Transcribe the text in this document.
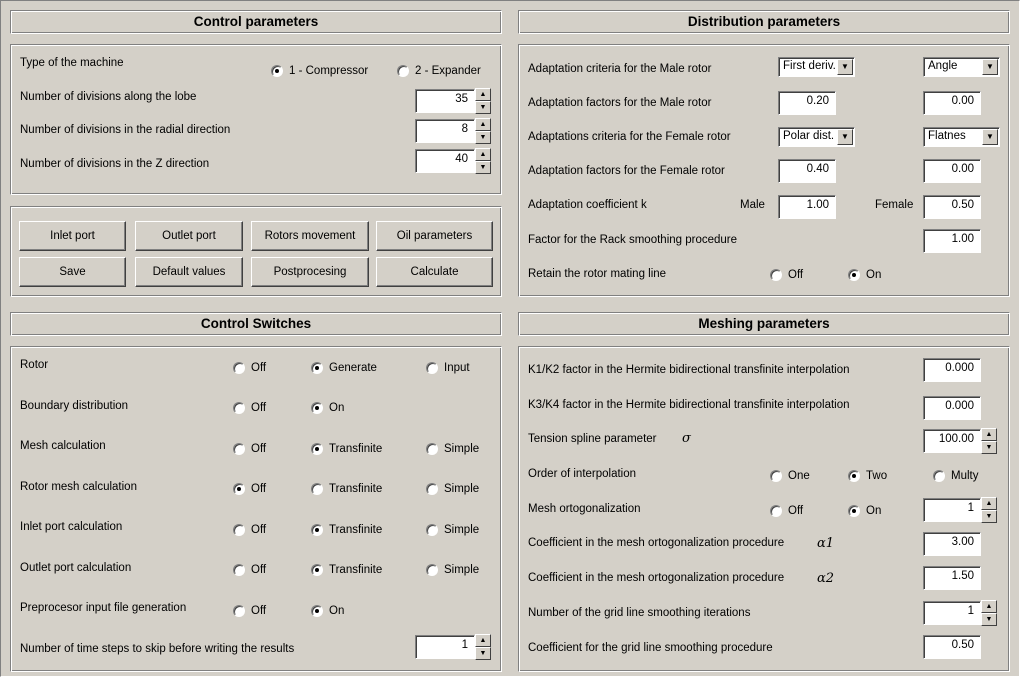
Control parameters
Type of the machine
1 - Compressor	2 - Expander
Number of divisions along the lobe	35	▲
▼
Number of divisions in the radial direction	8	▲
▼
Number of divisions in the Z direction	40	▲
▼
Inlet port	Outlet port	Rotors movement	Oil parameters
Save	Default values	Postprocesing	Calculate
Control Switches
Rotor	Off	Generate	Input
Boundary distribution	Off	On
Mesh calculation	Off	Transfinite	Simple
Rotor mesh calculation	Off	Transfinite	Simple
Inlet port calculation	Off	Transfinite	Simple
Outlet port calculation	Off	Transfinite	Simple
Preprocesor input file generation	Off	On
Number of time steps to skip before writing the results	1	▲
▼
Distribution parameters
Adaptation criteria for the Male rotor	First deriv. ▼	Angle	▼
Adaptation factors for the Male rotor	0.20	0.00
Adaptations criteria for the Female rotor	Polar dist. ▼	Flatnes	▼
Adaptation factors for the Female rotor	0.40	0.00
Adaptation coefficient k	Male	1.00	Female	0.50
Factor for the Rack smoothing procedure	1.00
Retain the rotor mating line	Off	On
Meshing parameters
K1/K2 factor in the Hermite bidirectional transfinite interpolation	0.000
K3/K4 factor in the Hermite bidirectional transfinite interpolation	0.000
Tension spline parameter σ	100.00	▲
▼
Order of interpolation	One	Two	Multy
Mesh ortogonalization	Off	On	1	▲
▼
Coefficient in the mesh ortogonalization procedure	α1	3.00
Coefficient in the mesh ortogonalization procedure	α2	1.50
Number of the grid line smoothing iterations	1	▲
▼
Coefficient for the grid line smoothing procedure	0.50
